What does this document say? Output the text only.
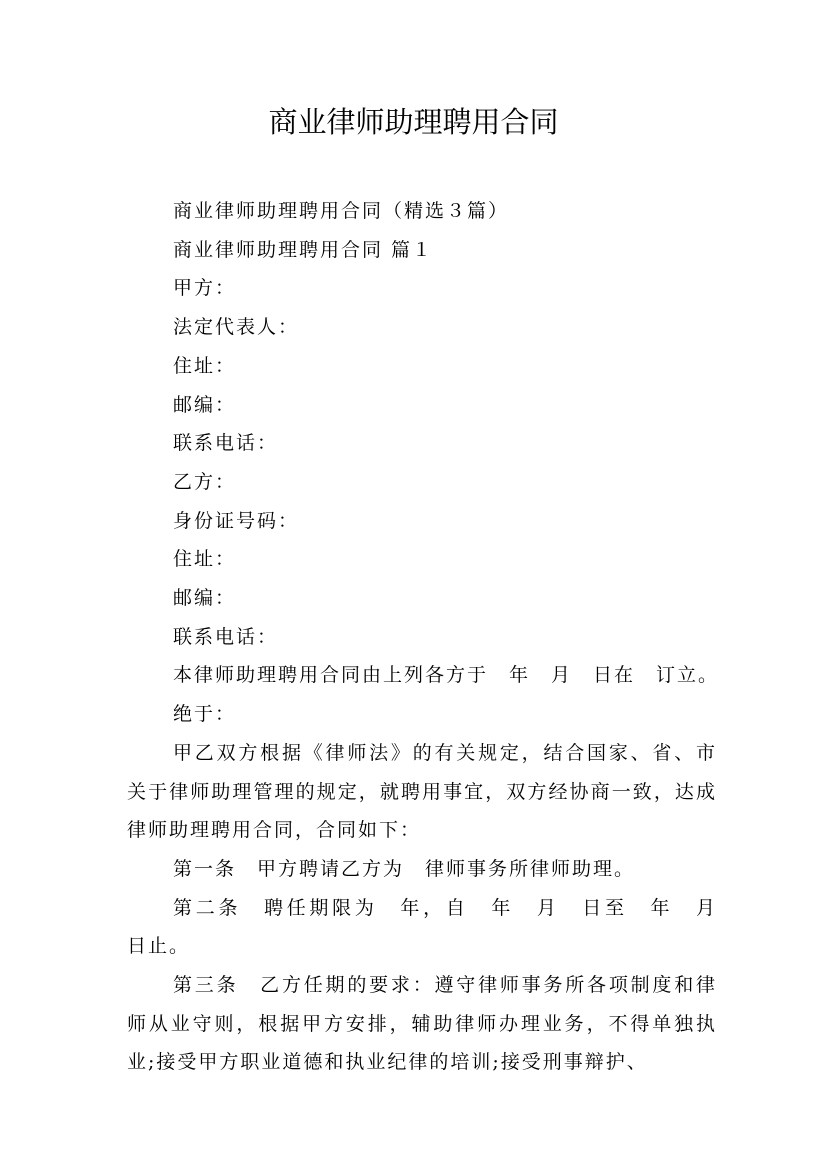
商业律师助理聘用合同
商业律师助理聘用合同（精选３篇）
商业律师助理聘用合同 篇１
甲方：
法定代表人：
住址：
邮编：
联系电话：
乙方：
身份证号码：
住址：
邮编：
联系电话：
本律师助理聘用合同由上列各方于　年　月　日在　订立。
绝于：
甲乙双方根据《律师法》的有关规定，结合国家、省、市关于律师助理管理的规定，就聘用事宜，双方经协商一致，达成律师助理聘用合同，合同如下：
第一条　甲方聘请乙方为　律师事务所律师助理。
第二条　聘任期限为　年，自　年　月　日至　年　月　日止。
第三条　乙方任期的要求：遵守律师事务所各项制度和律师从业守则，根据甲方安排，辅助律师办理业务，不得单独执业;接受甲方职业道德和执业纪律的培训;接受刑事辩护、
